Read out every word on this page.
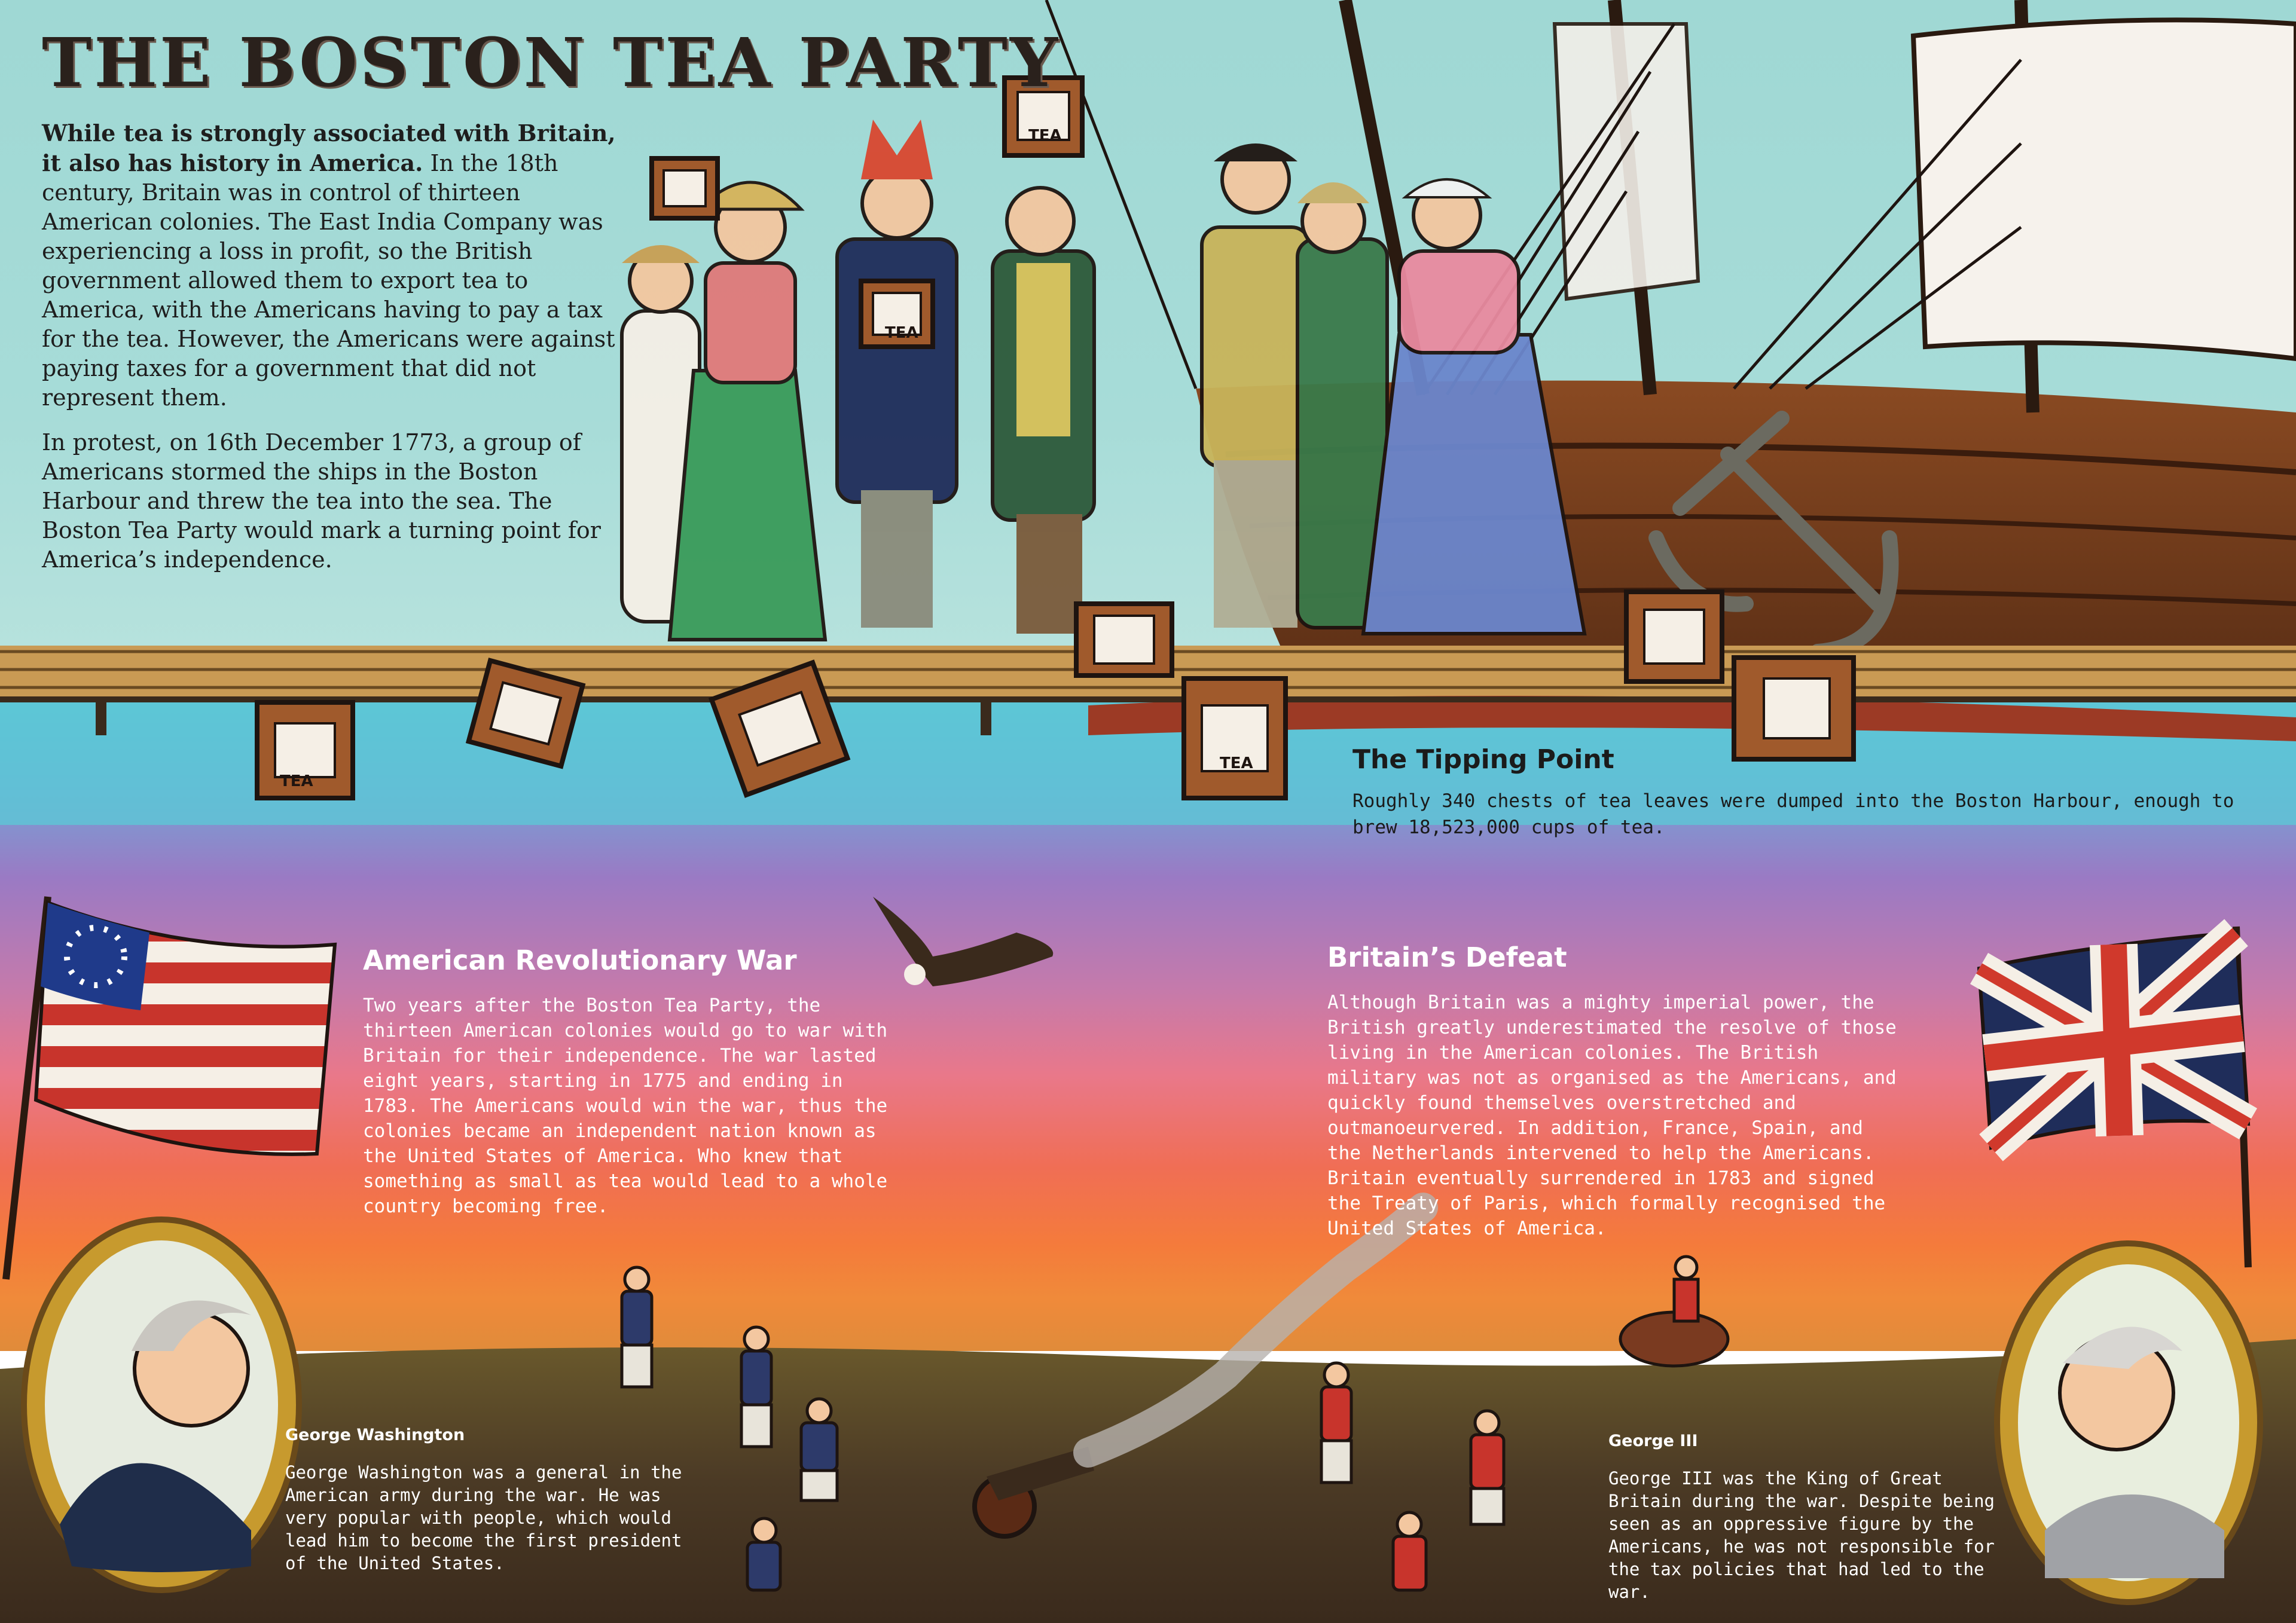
TEA
TEA
TEA
TEA
THE BOSTON TEA PARTY

While tea is strongly associated with Britain, it also has history in America. In the 18th century, Britain was in control of thirteen American colonies. The East India Company was experiencing a loss in profit, so the British government allowed them to export tea to America, with the Americans having to pay a tax for the tea. However, the Americans were against paying taxes for a government that did not represent them.

In protest, on 16th December 1773, a group of Americans stormed the ships in the Boston Harbour and threw the tea into the sea. The Boston Tea Party would mark a turning point for America’s independence.

The Tipping Point
Roughly 340 chests of tea leaves were dumped into the Boston Harbour, enough to brew 18,523,000 cups of tea.
American Revolutionary War
Two years after the Boston Tea Party, the thirteen American colonies would go to war with Britain for their independence. The war lasted eight years, starting in 1775 and ending in 1783. The Americans would win the war, thus the colonies became an independent nation known as the United States of America. Who knew that something as small as tea would lead to a whole country becoming free.
Britain’s Defeat
Although Britain was a mighty imperial power, the British greatly underestimated the resolve of those living in the American colonies. The British military was not as organised as the Americans, and quickly found themselves overstretched and outmanoeurvered. In addition, France, Spain, and the Netherlands intervened to help the Americans. Britain eventually surrendered in 1783 and signed the Treaty of Paris, which formally recognised the United States of America.
George Washington
George Washington was a general in the American army during the war. He was very popular with people, which would lead him to become the first president of the United States.
George III
George III was the King of Great Britain during the war. Despite being seen as an oppressive figure by the Americans, he was not responsible for the tax policies that had led to the war.
